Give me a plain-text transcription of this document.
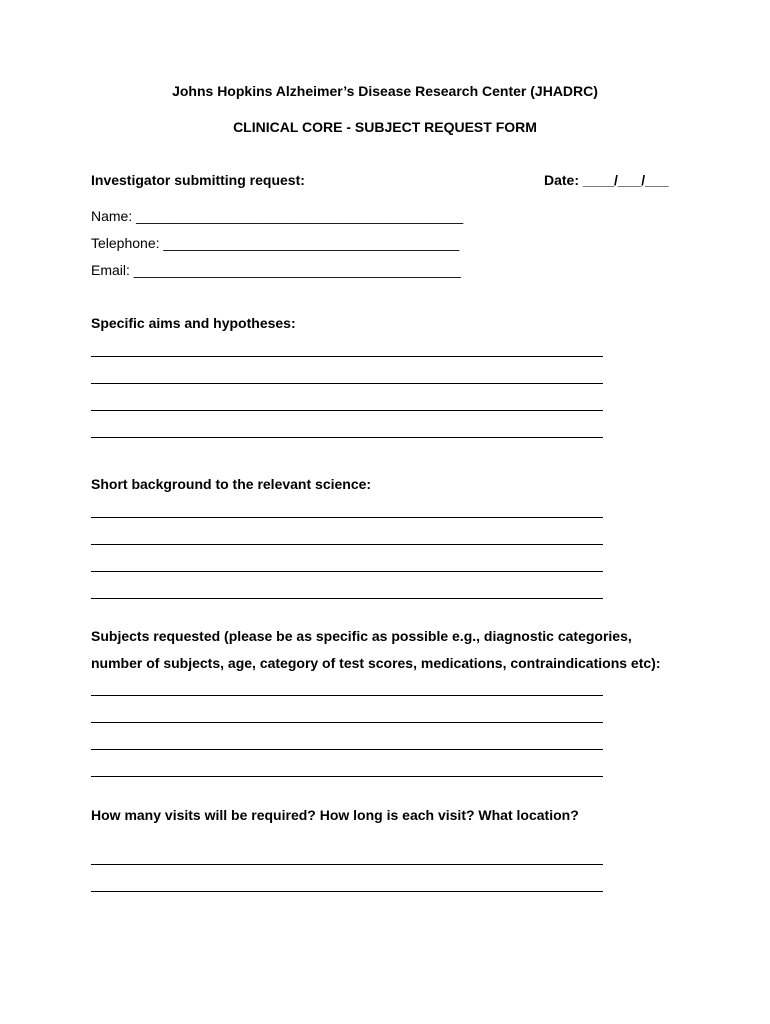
Johns Hopkins Alzheimer’s Disease Research Center (JHADRC)
CLINICAL CORE - SUBJECT REQUEST FORM
Investigator submitting request:	Date: ____/___/___
Name: __________________________________________
Telephone: ______________________________________
Email: __________________________________________
Specific aims and hypotheses:
Short background to the relevant science:
Subjects requested (please be as specific as possible e.g., diagnostic categories,
number of subjects, age, category of test scores, medications, contraindications etc):
How many visits will be required? How long is each visit? What location?
